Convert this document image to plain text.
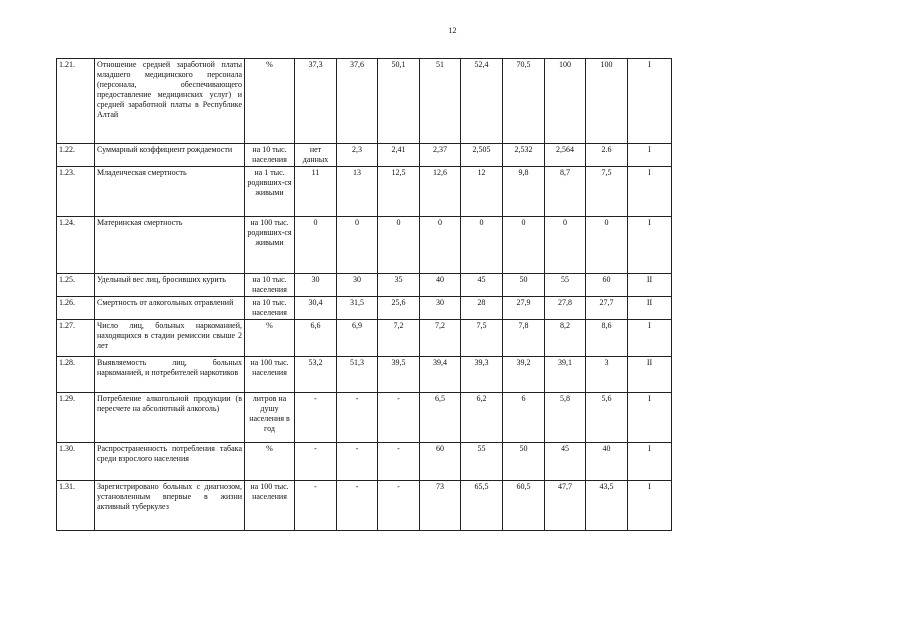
12
1.21.	Отношение средней заработной платы младшего медицинского персонала (персонала, обеспечивающего предоставление медицинских услуг) и средней заработной платы в Республике Алтай	%	37,3	37,6	50,1	51	52,4	70,5	100	100	I
1.22.	Суммарный коэффициент рождаемости	на 10 тыс. населения	нет данных	2,3	2,41	2,37	2,505	2,532	2,564	2.6	I
1.23.	Младенческая смертность	на 1 тыс. родивших-ся живыми	11	13	12,5	12,6	12	9,8	8,7	7,5	I
1.24.	Материнская смертность	на 100 тыс. родивших-ся живыми	0	0	0	0	0	0	0	0	I
1.25.	Удельный вес лиц, бросивших курить	на 10 тыс. населения	30	30	35	40	45	50	55	60	II
1.26.	Смертность от алкогольных отравлений	на 10 тыс. населения	30,4	31,5	25,6	30	28	27,9	27,8	27,7	II
1.27.	Число лиц, больных наркоманией, находящихся в стадии ремиссии свыше 2 лет	%	6,6	6,9	7,2	7,2	7,5	7,8	8,2	8,6	I
1.28.	Выявляемость лиц, больных наркоманией, и потребителей наркотиков	на 100 тыс. населения	53,2	51,3	39,5	39,4	39,3	39,2	39,1	3	II
1.29.	Потребление алкогольной продукции (в пересчете на абсолютный алкоголь)	литров на душу населения в год	-	-	-	6,5	6,2	6	5,8	5,6	I
1.30.	Распространенность потребления табака среди взрослого населения	%	-	-	-	60	55	50	45	40	I
1.31.	Зарегистрировано больных с диагнозом, установленным впервые в жизни активный туберкулез	на 100 тыс. населения	-	-	-	73	65,5	60,5	47,7	43,5	I
